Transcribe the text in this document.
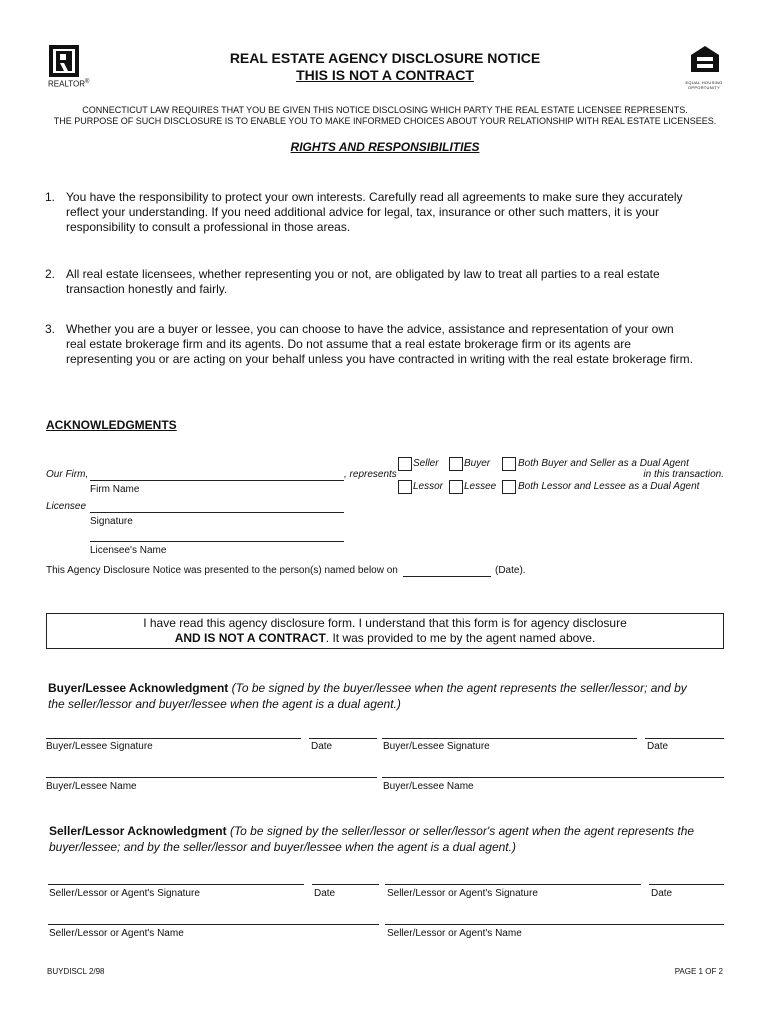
REALTOR®
REAL ESTATE AGENCY DISCLOSURE NOTICE
THIS IS NOT A CONTRACT	EQUAL HOUSING
OPPORTUNITY
CONNECTICUT LAW REQUIRES THAT YOU BE GIVEN THIS NOTICE DISCLOSING WHICH PARTY THE REAL ESTATE LICENSEE REPRESENTS.
THE PURPOSE OF SUCH DISCLOSURE IS TO ENABLE YOU TO MAKE INFORMED CHOICES ABOUT YOUR RELATIONSHIP WITH REAL ESTATE LICENSEES.
RIGHTS AND RESPONSIBILITIES
1. You have the responsibility to protect your own interests. Carefully read all agreements to make sure they accurately
reflect your understanding. If you need additional advice for legal, tax, insurance or other such matters, it is your
responsibility to consult a professional in those areas.
2. All real estate licensees, whether representing you or not, are obligated by law to treat all parties to a real estate
transaction honestly and fairly.
3. Whether you are a buyer or lessee, you can choose to have the advice, assistance and representation of your own
real estate brokerage firm and its agents. Do not assume that a real estate brokerage firm or its agents are
representing you or are acting on your behalf unless you have contracted in writing with the real estate brokerage firm.
ACKNOWLEDGMENTS
Our Firm,	, represents
Firm Name
Seller	Buyer	Both Buyer and Seller as a Dual Agent
in this transaction.
Lessor Lessee Both Lessor and Lessee as a Dual Agent
Licensee
Signature
Licensee's Name
This Agency Disclosure Notice was presented to the person(s) named below on	(Date).
I have read this agency disclosure form. I understand that this form is for agency disclosure
AND IS NOT A CONTRACT. It was provided to me by the agent named above.
Buyer/Lessee Acknowledgment (To be signed by the buyer/lessee when the agent represents the seller/lessor; and by
the seller/lessor and buyer/lessee when the agent is a dual agent.)
Buyer/Lessee Signature	Date	Buyer/Lessee Signature	Date
Buyer/Lessee Name	Buyer/Lessee Name
Seller/Lessor Acknowledgment (To be signed by the seller/lessor or seller/lessor's agent when the agent represents the
buyer/lessee; and by the seller/lessor and buyer/lessee when the agent is a dual agent.)
Seller/Lessor or Agent's Signature	Date	Seller/Lessor or Agent's Signature	Date
Seller/Lessor or Agent's Name	Seller/Lessor or Agent's Name
BUYDISCL 2/98	PAGE 1 OF 2
